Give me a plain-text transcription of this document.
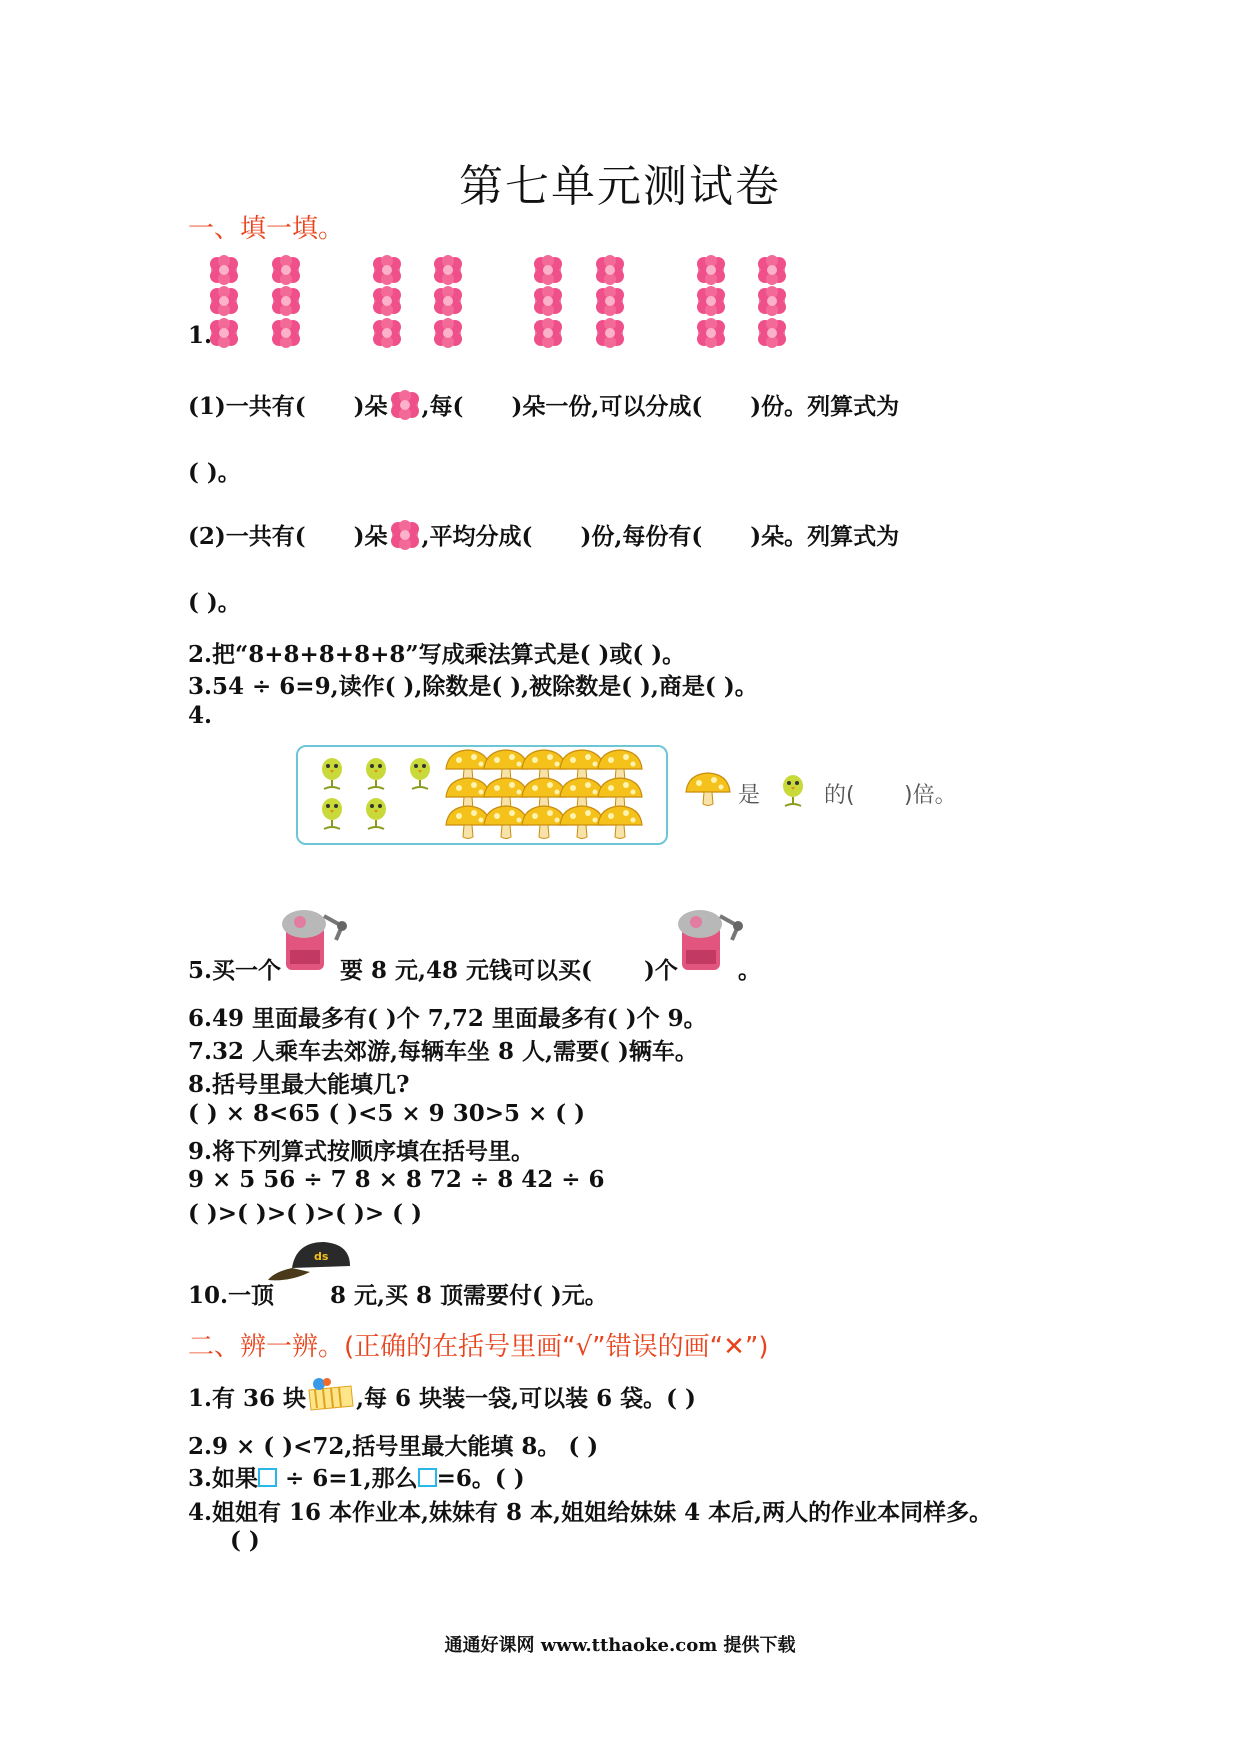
第七单元测试卷
一、填一填。
1.
(1)一共有( )朵 ,每( )朵一份,可以分成( )份。列算式为
( )。
(2)一共有( )朵 ,平均分成( )份,每份有( )朵。列算式为
( )。
2.把“8+8+8+8+8”写成乘法算式是( )或( )。
3.54 ÷ 6=9,读作( ),除数是( ),被除数是( ),商是( )。
4.
是	的( )倍。
5.买一个	要 8 元,48 元钱可以买( )个	。
6.49 里面最多有( )个 7,72 里面最多有( )个 9。
7.32 人乘车去郊游,每辆车坐 8 人,需要( )辆车。
8.括号里最大能填几?
( ) × 8<65 ( )<5 × 9 30>5 × ( )
9.将下列算式按顺序填在括号里。
9 × 5 56 ÷ 7 8 × 8 72 ÷ 8 42 ÷ 6
( )>( )>( )>( )> ( )
10.一顶 8 元,买 8 顶需要付( )元。
二、辨一辨。(正确的在括号里画“√”错误的画“✕”)
1.有 36 块 ,每 6 块装一袋,可以装 6 袋。( )
2.9 × ( )<72,括号里最大能填 8。 ( )
3.如果 ÷ 6=1,那么 =6。( )
4.姐姐有 16 本作业本,妹妹有 8 本,姐姐给妹妹 4 本后,两人的作业本同样多。
( )
通通好课网 www.tthaoke.com 提供下载
